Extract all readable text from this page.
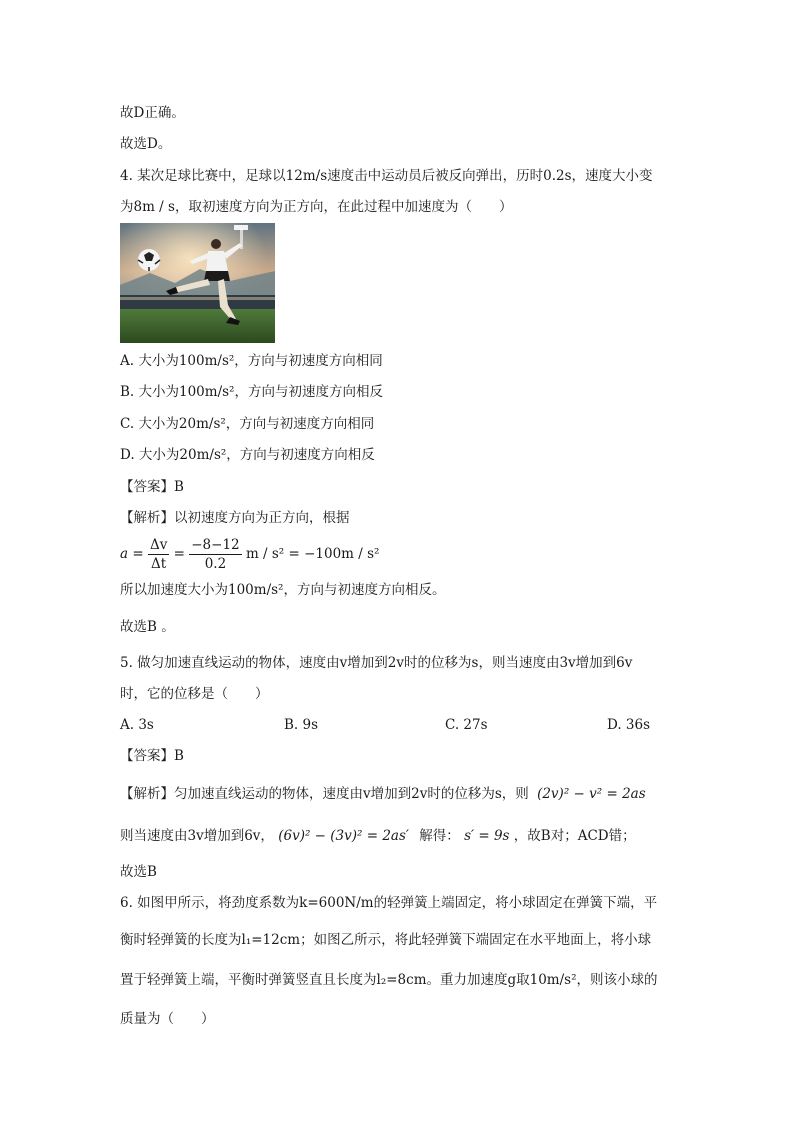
故D正确。
故选D。
4. 某次足球比赛中，足球以12m/s速度击中运动员后被反向弹出，历时0.2s，速度大小变
为8m / s，取初速度方向为正方向，在此过程中加速度为（　　）
A. 大小为100m/s²，方向与初速度方向相同
B. 大小为100m/s²，方向与初速度方向相反
C. 大小为20m/s²，方向与初速度方向相同
D. 大小为20m/s²，方向与初速度方向相反
【答案】B
【解析】以初速度方向为正方向，根据
$a = \frac{\Delta v}{\Delta t} = \frac{-8-12}{0.2}$ m / s² = −100m / s²
所以加速度大小为100m/s²，方向与初速度方向相反。
故选B 。
5. 做匀加速直线运动的物体，速度由v增加到2v时的位移为s，则当速度由3v增加到6v
时，它的位移是（　　）
A. 3s	B. 9s	C. 27s	D. 36s
【答案】B
【解析】匀加速直线运动的物体，速度由v增加到2v时的位移为s，则 (2v)² − v² = 2as
则当速度由3v增加到6v， (6v)² − (3v)² = 2as′ 解得： s′ = 9s ，故B对；ACD错；
故选B
6. 如图甲所示，将劲度系数为k=600N/m的轻弹簧上端固定，将小球固定在弹簧下端，平
衡时轻弹簧的长度为l₁=12cm；如图乙所示，将此轻弹簧下端固定在水平地面上，将小球
置于轻弹簧上端，平衡时弹簧竖直且长度为l₂=8cm。重力加速度g取10m/s²，则该小球的
质量为（　　）
